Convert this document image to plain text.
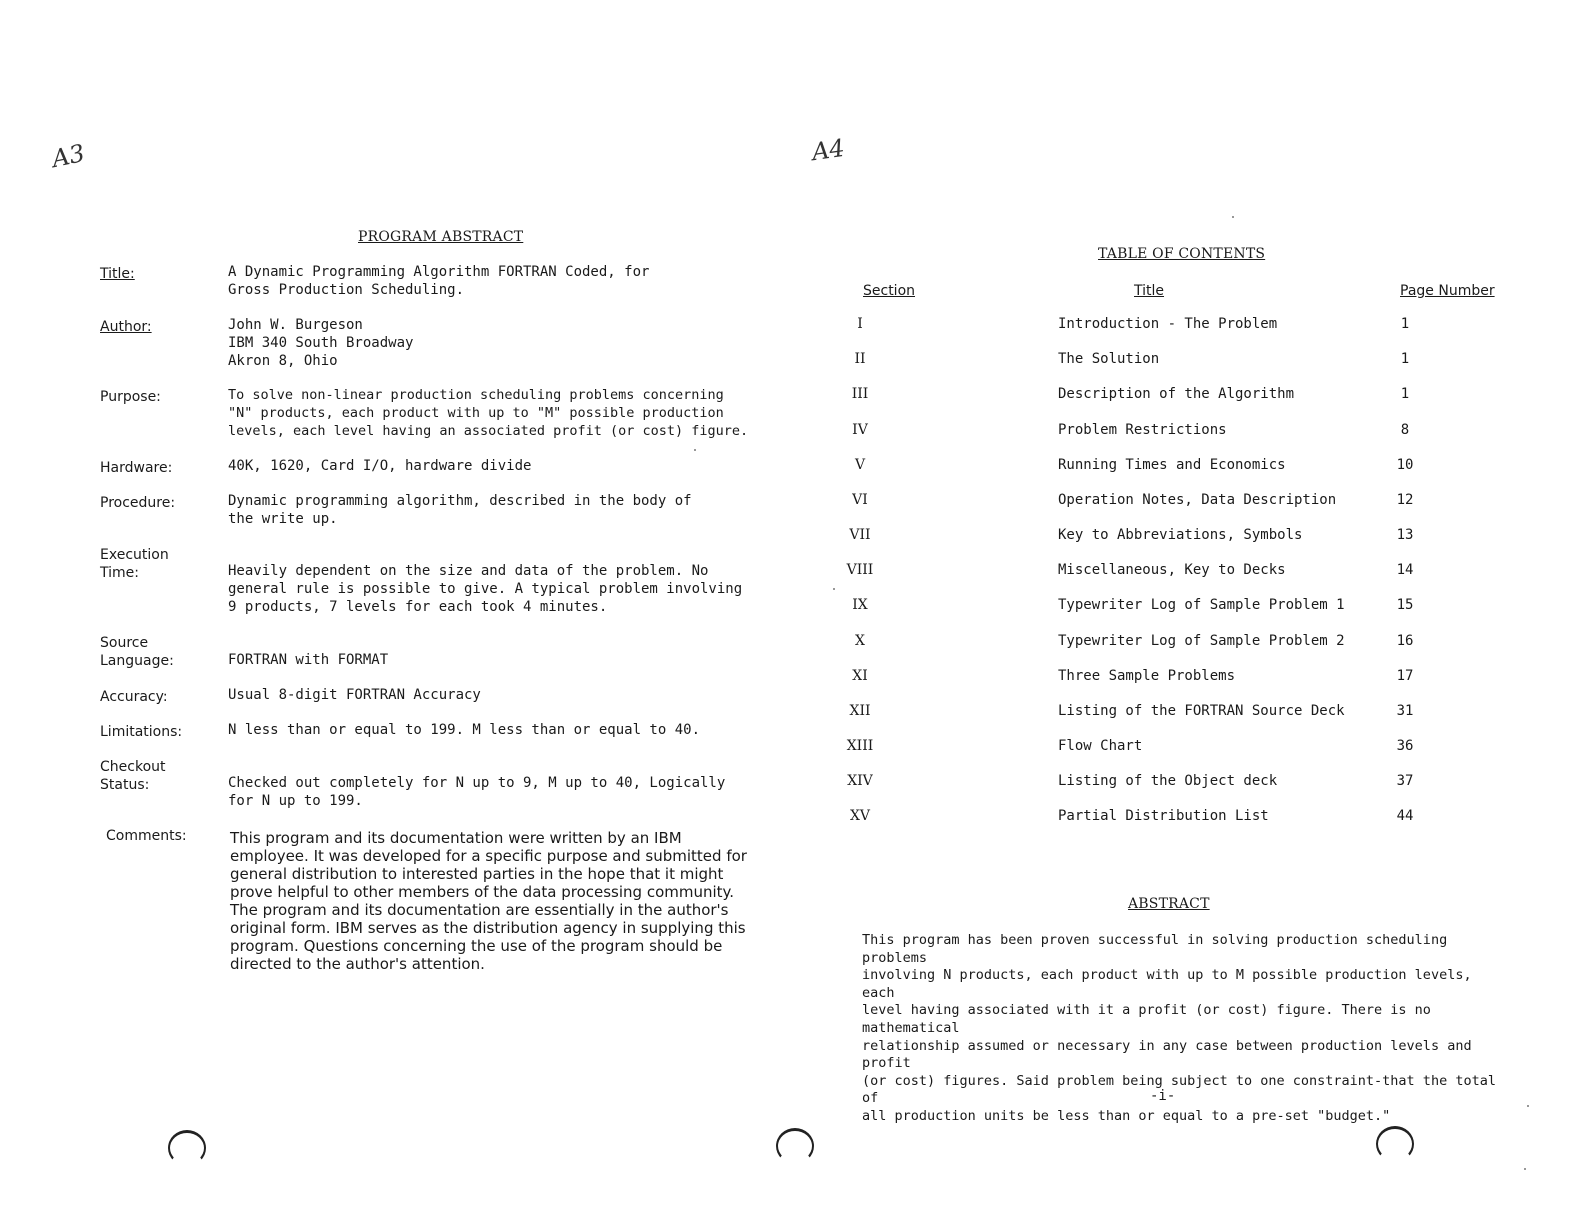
A3	A4
PROGRAM ABSTRACT
Title:	A Dynamic Programming Algorithm FORTRAN Coded, for
Gross Production Scheduling.
Author:	John W. Burgeson
IBM 340 South Broadway
Akron 8, Ohio
Purpose:	To solve non-linear production scheduling problems concerning
"N" products, each product with up to "M" possible production
levels, each level having an associated profit (or cost) figure.
Hardware:	40K, 1620, Card I/O, hardware divide
Procedure:	Dynamic programming algorithm, described in the body of
the write up.
Execution
Time:	Heavily dependent on the size and data of the problem. No
general rule is possible to give. A typical problem involving
9 products, 7 levels for each took 4 minutes.
Source
Language:	FORTRAN with FORMAT
Accuracy:	Usual 8-digit FORTRAN Accuracy
Limitations:	N less than or equal to 199. M less than or equal to 40.
Checkout
Status:	Checked out completely for N up to 9, M up to 40, Logically
for N up to 199.
Comments:	This program and its documentation were written by an IBM employee. It was developed for a specific purpose and submitted for general distribution to interested parties in the hope that it might prove helpful to other members of the data processing community. The program and its documentation are essentially in the author's original form. IBM serves as the distribution agency in supplying this program. Questions concerning the use of the program should be directed to the author's attention.
TABLE OF CONTENTS
Section	Title	Page Number
I	Introduction - The Problem	1
II	The Solution	1
III	Description of the Algorithm	1
IV	Problem Restrictions	8
V	Running Times and Economics	10
VI	Operation Notes, Data Description	12
VII	Key to Abbreviations, Symbols	13
VIII	Miscellaneous, Key to Decks	14
IX	Typewriter Log of Sample Problem 1	15
X	Typewriter Log of Sample Problem 2	16
XI	Three Sample Problems	17
XII	Listing of the FORTRAN Source Deck	31
XIII	Flow Chart	36
XIV	Listing of the Object deck	37
XV	Partial Distribution List	44
ABSTRACT
This program has been proven successful in solving production scheduling problems
involving N products, each product with up to M possible production levels, each
level having associated with it a profit (or cost) figure. There is no mathematical
relationship assumed or necessary in any case between production levels and profit
(or cost) figures. Said problem being subject to one constraint-that the total of
all production units be less than or equal to a pre-set "budget."
-i-
